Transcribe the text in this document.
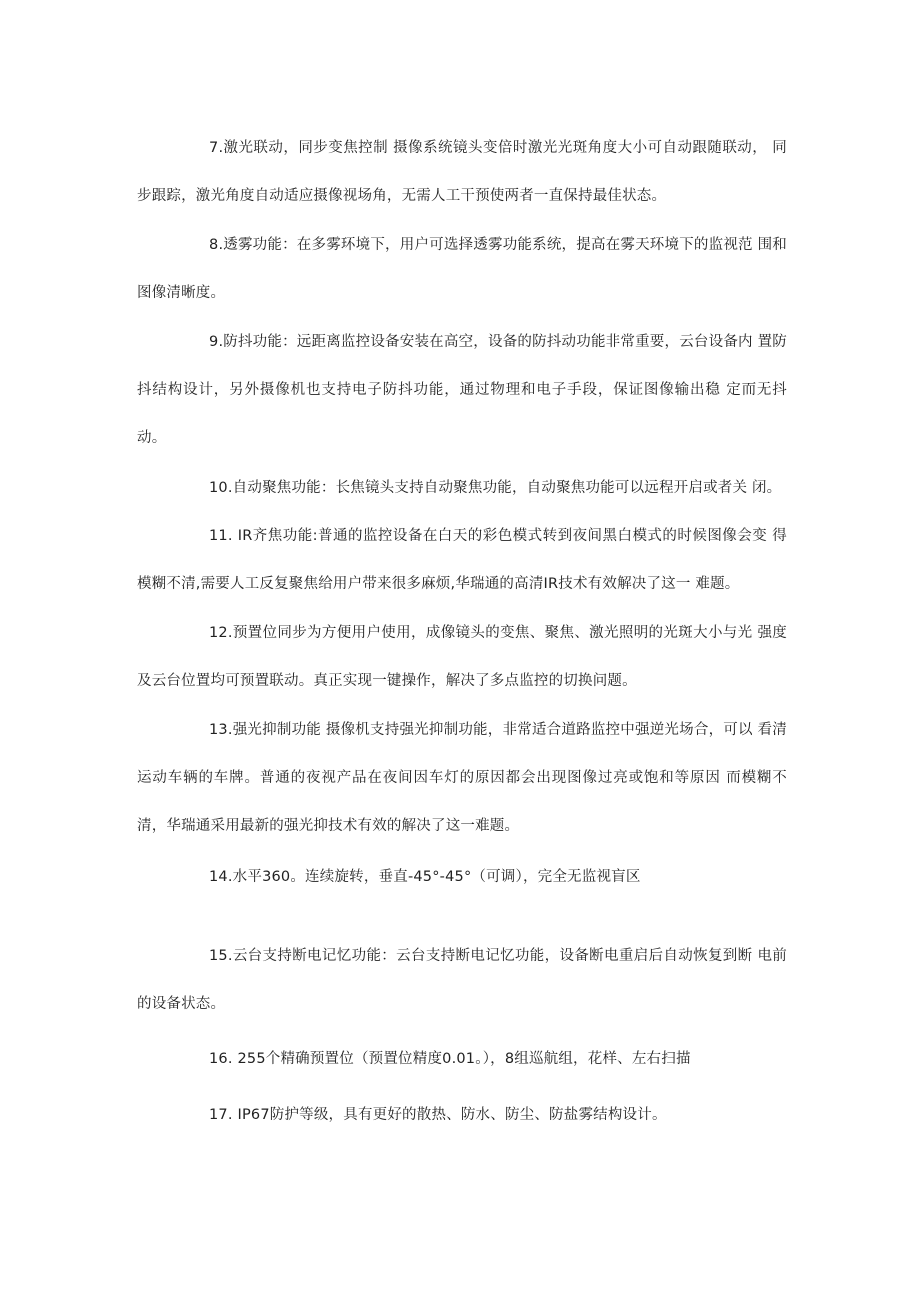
7.激光联动，同步变焦控制 摄像系统镜头变倍时激光光斑角度大小可自动跟随联动， 同步跟踪，激光角度自动适应摄像视场角，无需人工干预使两者一直保持最佳状态。

8.透雾功能：在多雾环境下，用户可选择透雾功能系统，提高在雾天环境下的监视范 围和图像清晰度。

9.防抖功能：远距离监控设备安装在高空，设备的防抖动功能非常重要，云台设备内 置防抖结构设计，另外摄像机也支持电子防抖功能，通过物理和电子手段，保证图像输出稳 定而无抖动。

10.自动聚焦功能：长焦镜头支持自动聚焦功能，自动聚焦功能可以远程开启或者关 闭。

11. IR齐焦功能:普通的监控设备在白天的彩色模式转到夜间黑白模式的时候图像会变 得模糊不清,需要人工反复聚焦给用户带来很多麻烦,华瑞通的高清IR技术有效解决了这一 难题。

12.预置位同步为方便用户使用，成像镜头的变焦、聚焦、激光照明的光斑大小与光 强度及云台位置均可预置联动。真正实现一键操作，解决了多点监控的切换问题。

13.强光抑制功能 摄像机支持强光抑制功能，非常适合道路监控中强逆光场合，可以 看清运动车辆的车牌。普通的夜视产品在夜间因车灯的原因都会出现图像过亮或饱和等原因 而模糊不清，华瑞通采用最新的强光抑技术有效的解决了这一难题。

14.水平360。连续旋转，垂直-45°-45°（可调），完全无监视盲区

15.云台支持断电记忆功能：云台支持断电记忆功能，设备断电重启后自动恢复到断 电前的设备状态。

16. 255个精确预置位（预置位精度0.01。），8组巡航组，花样、左右扫描

17. IP67防护等级，具有更好的散热、防水、防尘、防盐雾结构设计。
